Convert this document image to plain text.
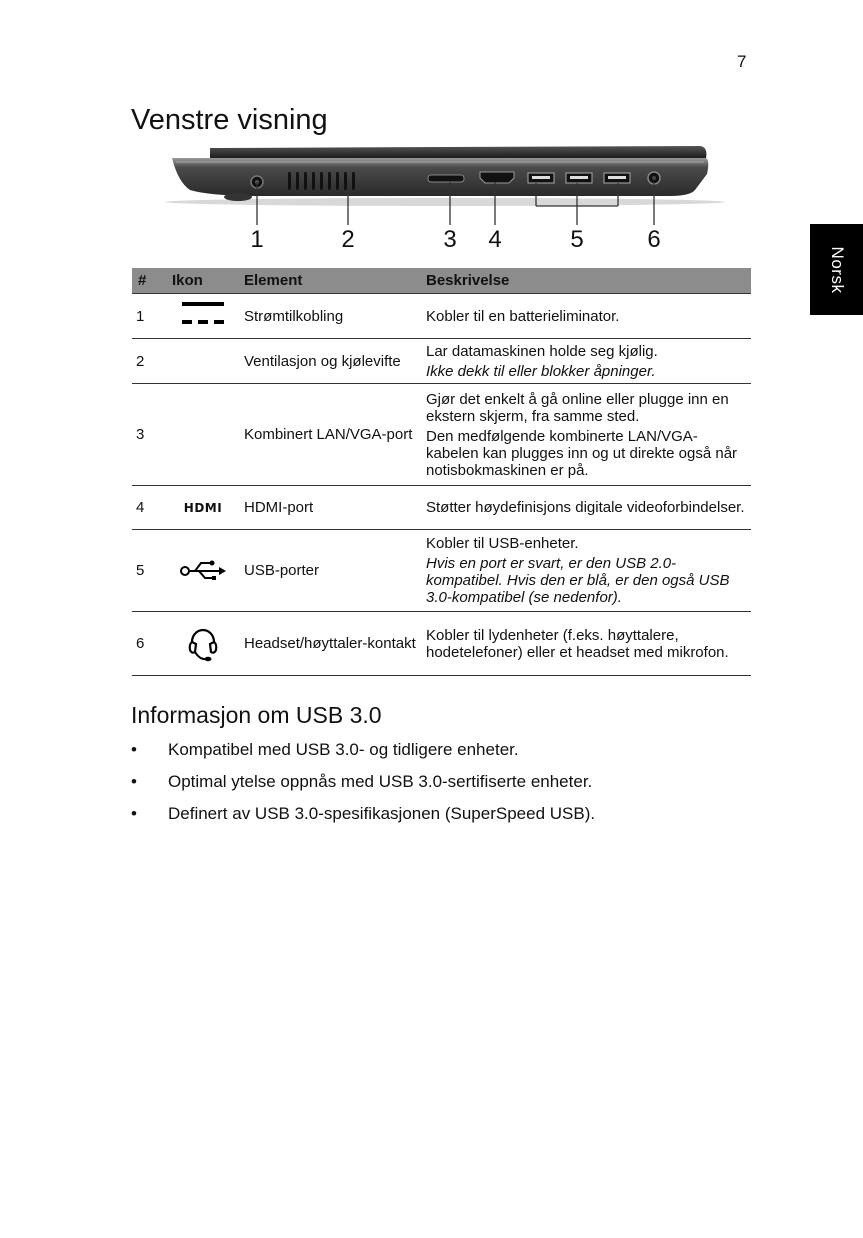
7
Norsk
Venstre visning
1	2	3 4	5	6
#	Ikon	Element	Beskrivelse
1		Strømtilkobling	Kobler til en batterieliminator.

2		Ventilasjon og kjølevifte	Lar datamaskinen holde seg kjølig.

Ikke dekk til eller blokker åpninger.

3		Kombinert LAN/VGA-port	Gjør det enkelt å gå online eller plugge inn en ekstern skjerm, fra samme sted.

Den medfølgende kombinerte LAN/VGA-kabelen kan plugges inn og ut direkte også når notisbokmaskinen er på.

4	HDMI	HDMI-port	Støtter høydefinisjons digitale videoforbindelser.

5		USB-porter	Kobler til USB-enheter.

Hvis en port er svart, er den USB 2.0-kompatibel. Hvis den er blå, er den også USB 3.0-kompatibel (se nedenfor).

6		Headset/høyttaler-kontakt	Kobler til lydenheter (f.eks. høyttalere, hodetelefoner) eller et headset med mikrofon.

Informasjon om USB 3.0
• Kompatibel med USB 3.0- og tidligere enheter.
• Optimal ytelse oppnås med USB 3.0-sertifiserte enheter.
• Definert av USB 3.0-spesifikasjonen (SuperSpeed USB).
